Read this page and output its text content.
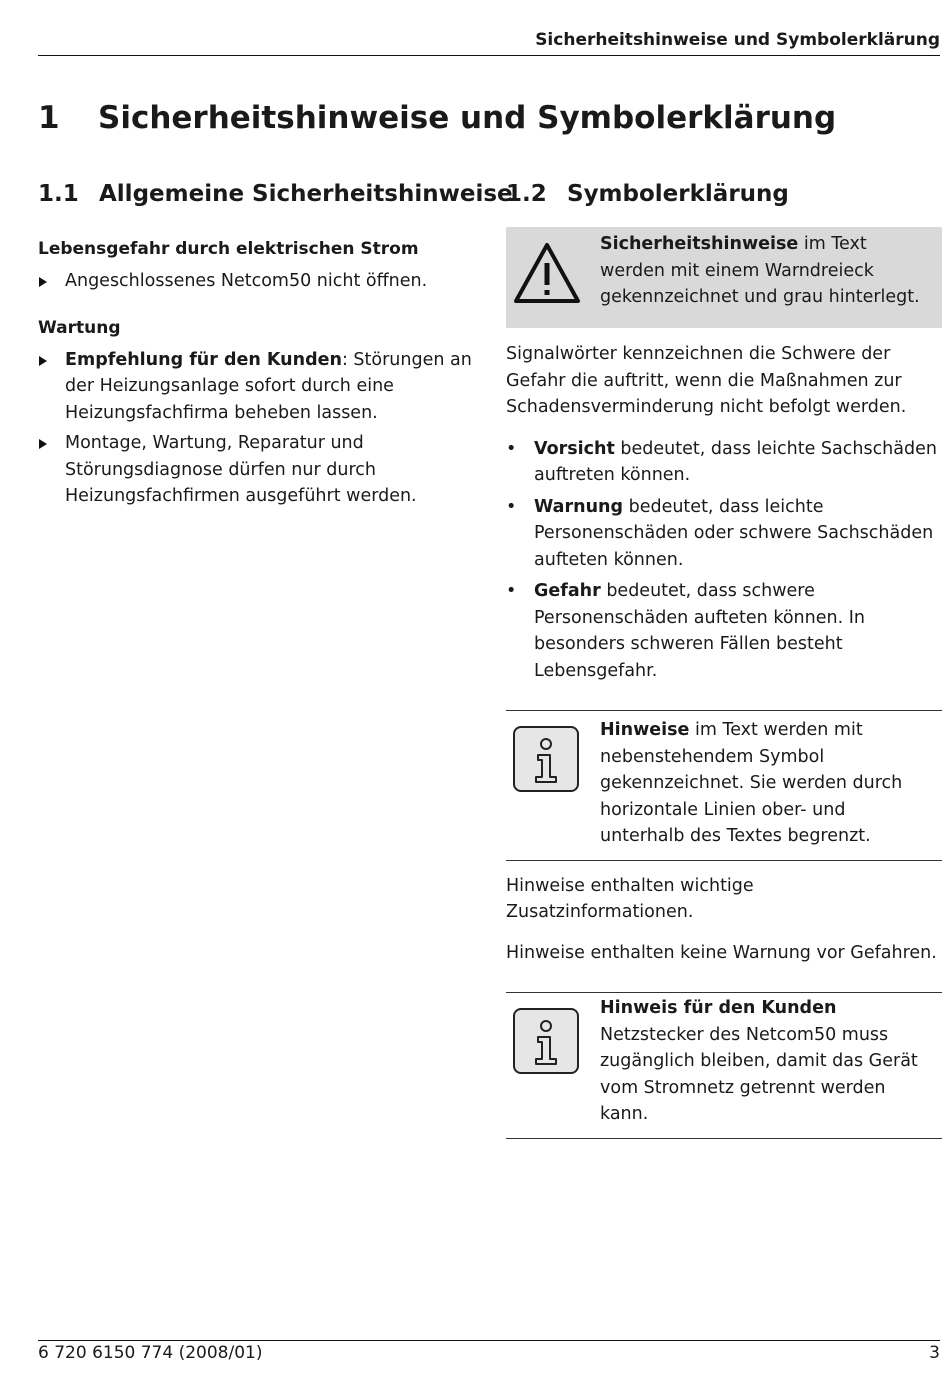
Sicherheitshinweise und Symbolerklärung
1 Sicherheitshinweise und Symbolerklärung
1.1 Allgemeine Sicherheitshinweise
Lebensgefahr durch elektrischen Strom
Angeschlossenes Netcom50 nicht öffnen.
Wartung
Empfehlung für den Kunden: Störungen an der Heizungsanlage sofort durch eine Heizungsfachfirma beheben lassen.
Montage, Wartung, Reparatur und Störungsdiagnose dürfen nur durch Heizungsfachfirmen ausgeführt werden.
1.2 Symbolerklärung
Sicherheitshinweise im Text werden mit einem Warndreieck gekennzeichnet und grau hinterlegt.
Signalwörter kennzeichnen die Schwere der Gefahr die auftritt, wenn die Maßnahmen zur Schadensverminderung nicht befolgt werden.
• Vorsicht bedeutet, dass leichte Sachschäden auftreten können.
• Warnung bedeutet, dass leichte Personenschäden oder schwere Sachschäden aufteten können.
• Gefahr bedeutet, dass schwere Personenschäden aufteten können. In besonders schweren Fällen besteht Lebensgefahr.
Hinweise im Text werden mit nebenstehendem Symbol gekennzeichnet. Sie werden durch horizontale Linien ober- und unterhalb des Textes begrenzt.
Hinweise enthalten wichtige Zusatzinformationen.
Hinweise enthalten keine Warnung vor Gefahren.
Hinweis für den Kunden
Netzstecker des Netcom50 muss zugänglich bleiben, damit das Gerät vom Stromnetz getrennt werden kann.
6 720 6150 774 (2008/01)	3
